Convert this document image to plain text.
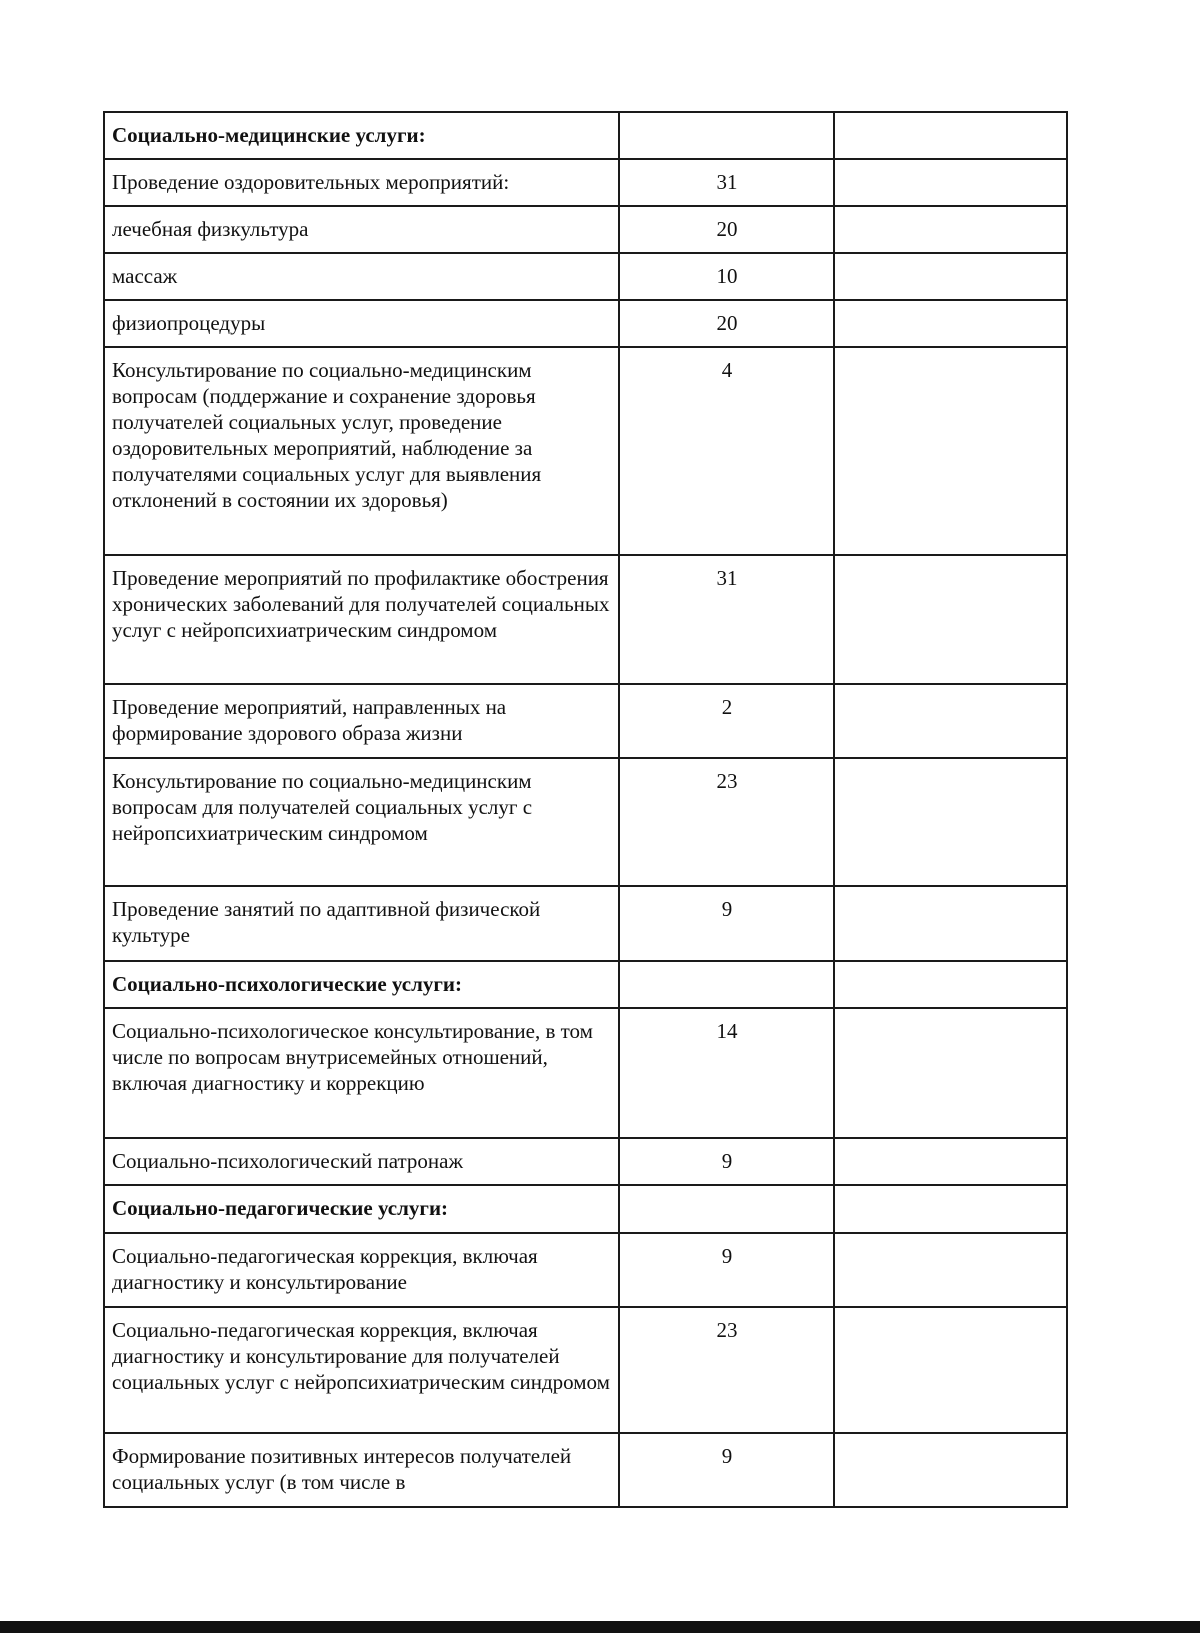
Социально-медицинские услуги:		

Проведение оздоровительных мероприятий:	31	

лечебная физкультура	20	

массаж	10	

физиопроцедуры	20	

Консультирование по социально-медицинским вопросам (поддержание и сохранение здоровья получателей социальных услуг, проведение оздоровительных мероприятий, наблюдение за получателями социальных услуг для выявления отклонений в состоянии их здоровья)	4	

Проведение мероприятий по профилактике обострения хронических заболеваний для получателей социальных услуг с нейропсихиатрическим синдромом	31	

Проведение мероприятий, направленных на формирование здорового образа жизни	2	

Консультирование по социально-медицинским вопросам для получателей социальных услуг с нейропсихиатрическим синдромом	23	

Проведение занятий по адаптивной физической культуре	9	

Социально-психологические услуги:		

Социально-психологическое консультирование, в том числе по вопросам внутрисемейных отношений, включая диагностику и коррекцию	14	

Социально-психологический патронаж	9	

Социально-педагогические услуги:		

Социально-педагогическая коррекция, включая диагностику и консультирование	9	

Социально-педагогическая коррекция, включая диагностику и консультирование для получателей социальных услуг с нейропсихиатрическим синдромом	23	

Формирование позитивных интересов получателей социальных услуг (в том числе в	9	
